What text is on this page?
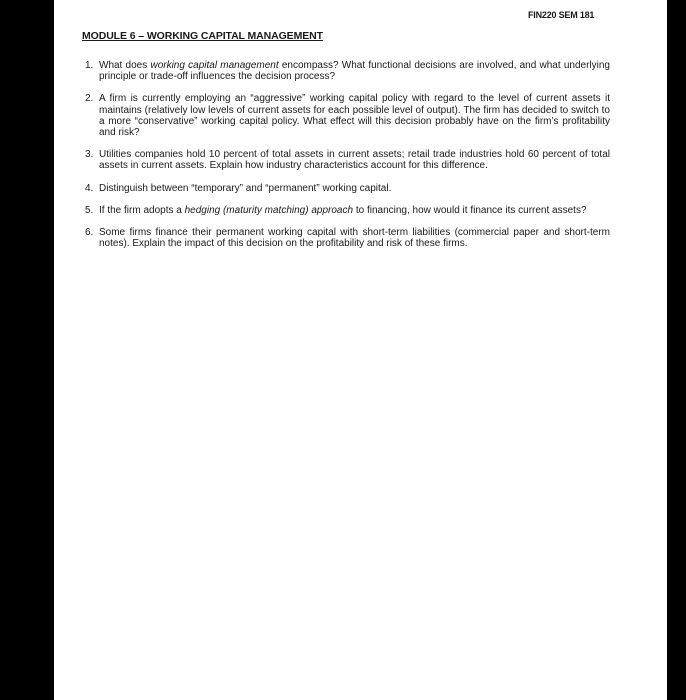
FIN220 SEM 181
MODULE 6 – WORKING CAPITAL MANAGEMENT
1. What does working capital management encompass? What functional decisions are involved, and what underlying principle or trade-off influences the decision process?
2. A firm is currently employing an “aggressive” working capital policy with regard to the level of current assets it maintains (relatively low levels of current assets for each possible level of output). The firm has decided to switch to a more “conservative” working capital policy. What effect will this decision probably have on the firm’s profitability and risk?
3. Utilities companies hold 10 percent of total assets in current assets; retail trade industries hold 60 percent of total assets in current assets. Explain how industry characteristics account for this difference.
4. Distinguish between “temporary” and “permanent” working capital.
5. If the firm adopts a hedging (maturity matching) approach to financing, how would it finance its current assets?
6. Some firms finance their permanent working capital with short-term liabilities (commercial paper and short-term notes). Explain the impact of this decision on the profitability and risk of these firms.
